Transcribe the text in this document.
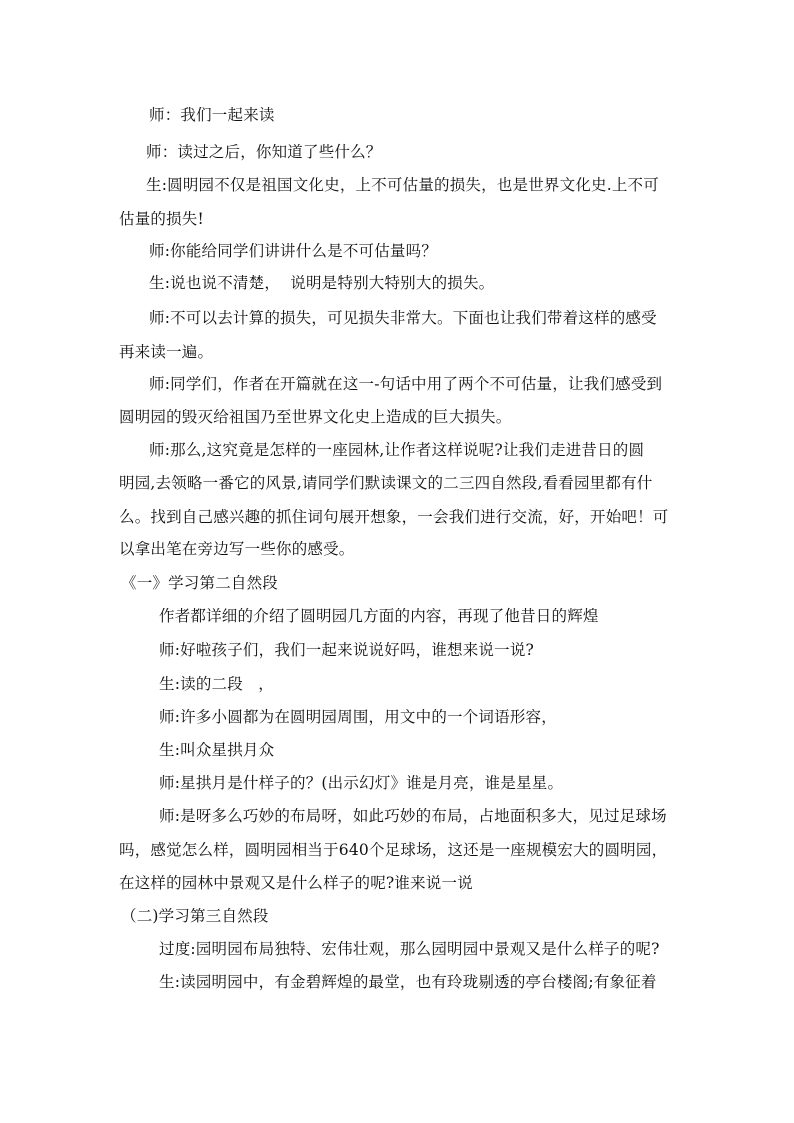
师：我们一起来读
师：读过之后，你知道了些什么？
生:圆明园不仅是祖国文化史，上不可估量的损失，也是世界文化史.上不可
估量的损失!
师:你能给同学们讲讲什么是不可估量吗？
生:说也说不清楚，  说明是特别大特别大的损失。
师:不可以去计算的损失，可见损失非常大。下面也让我们带着这样的感受
再来读一遍。
师:同学们，作者在开篇就在这一-句话中用了两个不可估量，让我们感受到
圆明园的毁灭给祖国乃至世界文化史上造成的巨大损失。
师:那么,这究竟是怎样的一座园林,让作者这样说呢?让我们走进昔日的圆
明园,去领略一番它的风景,请同学们默读课文的二三四自然段,看看园里都有什
么。找到自己感兴趣的抓住词句展开想象，一会我们进行交流，好，开始吧！可
以拿出笔在旁边写一些你的感受。
《一》学习第二自然段
作者都详细的介绍了圆明园几方面的内容，再现了他昔日的辉煌
师:好啦孩子们，我们一起来说说好吗，谁想来说一说?
生:读的二段   ，
师:许多小圆都为在圆明园周围，用文中的一个词语形容，
生:叫众星拱月众
师:星拱月是什样子的？(出示幻灯》谁是月亮，谁是星星。
师:是呀多么巧妙的布局呀，如此巧妙的布局，占地面积多大，见过足球场
吗，感觉怎么样，圆明园相当于640个足球场，这还是一座规模宏大的圆明园，
在这样的园林中景观又是什么样子的呢?谁来说一说
（二)学习第三自然段
过度:园明园布局独特、宏伟壮观，那么园明园中景观又是什么样子的呢?
生:读园明园中，有金碧辉煌的最堂，也有玲珑剔透的亭台楼阁;有象征着
